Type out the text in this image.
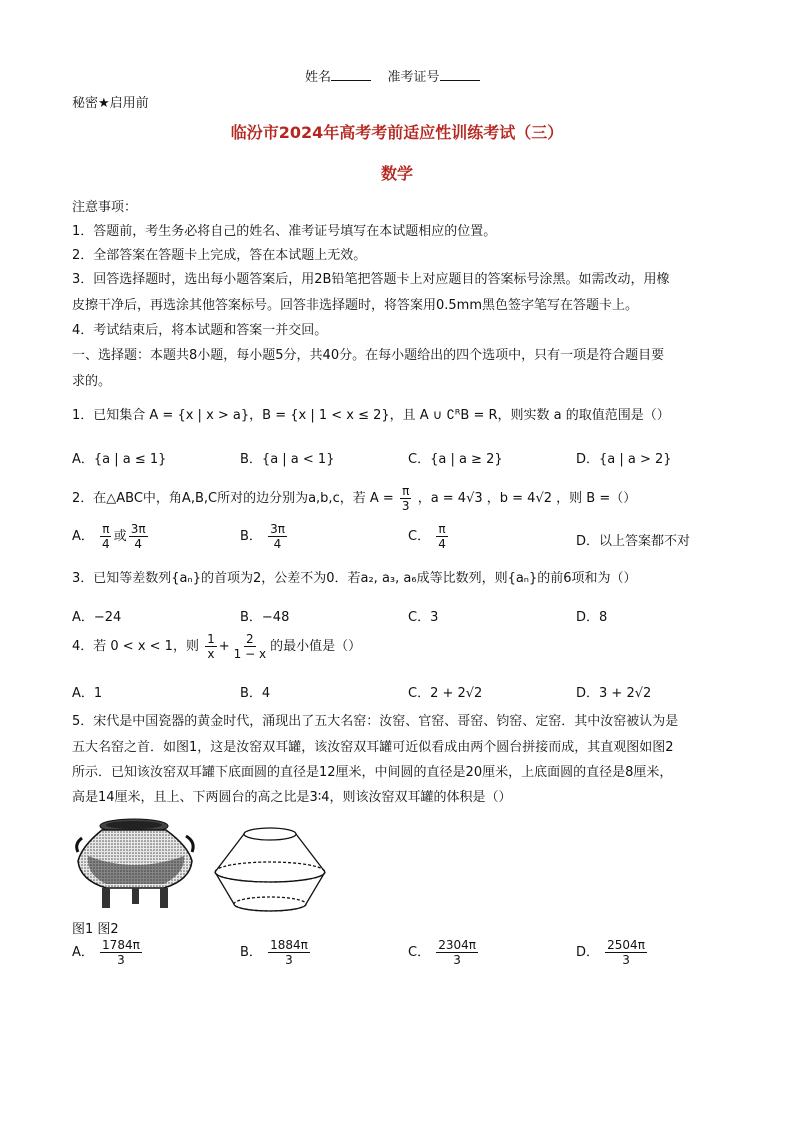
姓名	准考证号
秘密★启用前
临汾市2024年高考考前适应性训练考试（三）
数学
注意事项：
1．答题前，考生务必将自己的姓名、准考证号填写在本试题相应的位置。
2．全部答案在答题卡上完成，答在本试题上无效。
3．回答选择题时，选出每小题答案后，用2B铅笔把答题卡上对应题目的答案标号涂黑。如需改动，用橡
皮擦干净后，再选涂其他答案标号。回答非选择题时，将答案用0.5mm黑色签字笔写在答题卡上。
4．考试结束后，将本试题和答案一并交回。
一、选择题：本题共8小题，每小题5分，共40分。在每小题给出的四个选项中，只有一项是符合题目要
求的。
1．已知集合 A = {x | x > a}，B = {x | 1 < x ≤ 2}，且 A ∪ ∁ᴿB = R，则实数 a 的取值范围是（）
A．{a | a ≤ 1}	B．{a | a < 1}	C．{a | a ≥ 2}	D．{a | a > 2}
2．在△ABC中，角A,B,C所对的边分别为a,b,c，若 $A = \frac{\pi}{3}$ ，a = 4√3 ，b = 4√2 ，则 B =（）
A． $\frac{\pi}{4}$ 或 $\frac{3\pi}{4}$	B． $\frac{3\pi}{4}$	C． $\frac{\pi}{4}$	D．以上答案都不对
3．已知等差数列{aₙ}的首项为2，公差不为0．若a₂, a₃, a₆成等比数列，则{aₙ}的前6项和为（）
A．−24	B．−48	C．3	D．8
4．若 0 < x < 1，则 $\frac{1}{x} + \frac{2}{1 - x}$ 的最小值是（）
A．1	B．4	C．2 + 2√2	D．3 + 2√2
5．宋代是中国瓷器的黄金时代，涌现出了五大名窑：汝窑、官窑、哥窑、钧窑、定窑．其中汝窑被认为是
五大名窑之首．如图1，这是汝窑双耳罐，该汝窑双耳罐可近似看成由两个圆台拼接而成，其直观图如图2
所示．已知该汝窑双耳罐下底面圆的直径是12厘米，中间圆的直径是20厘米，上底面圆的直径是8厘米，
高是14厘米，且上、下两圆台的高之比是3∶4，则该汝窑双耳罐的体积是（）
图1 图2
A． $\frac{1784\pi}{3}$	B． $\frac{1884\pi}{3}$	C． $\frac{2304\pi}{3}$	D． $\frac{2504\pi}{3}$
